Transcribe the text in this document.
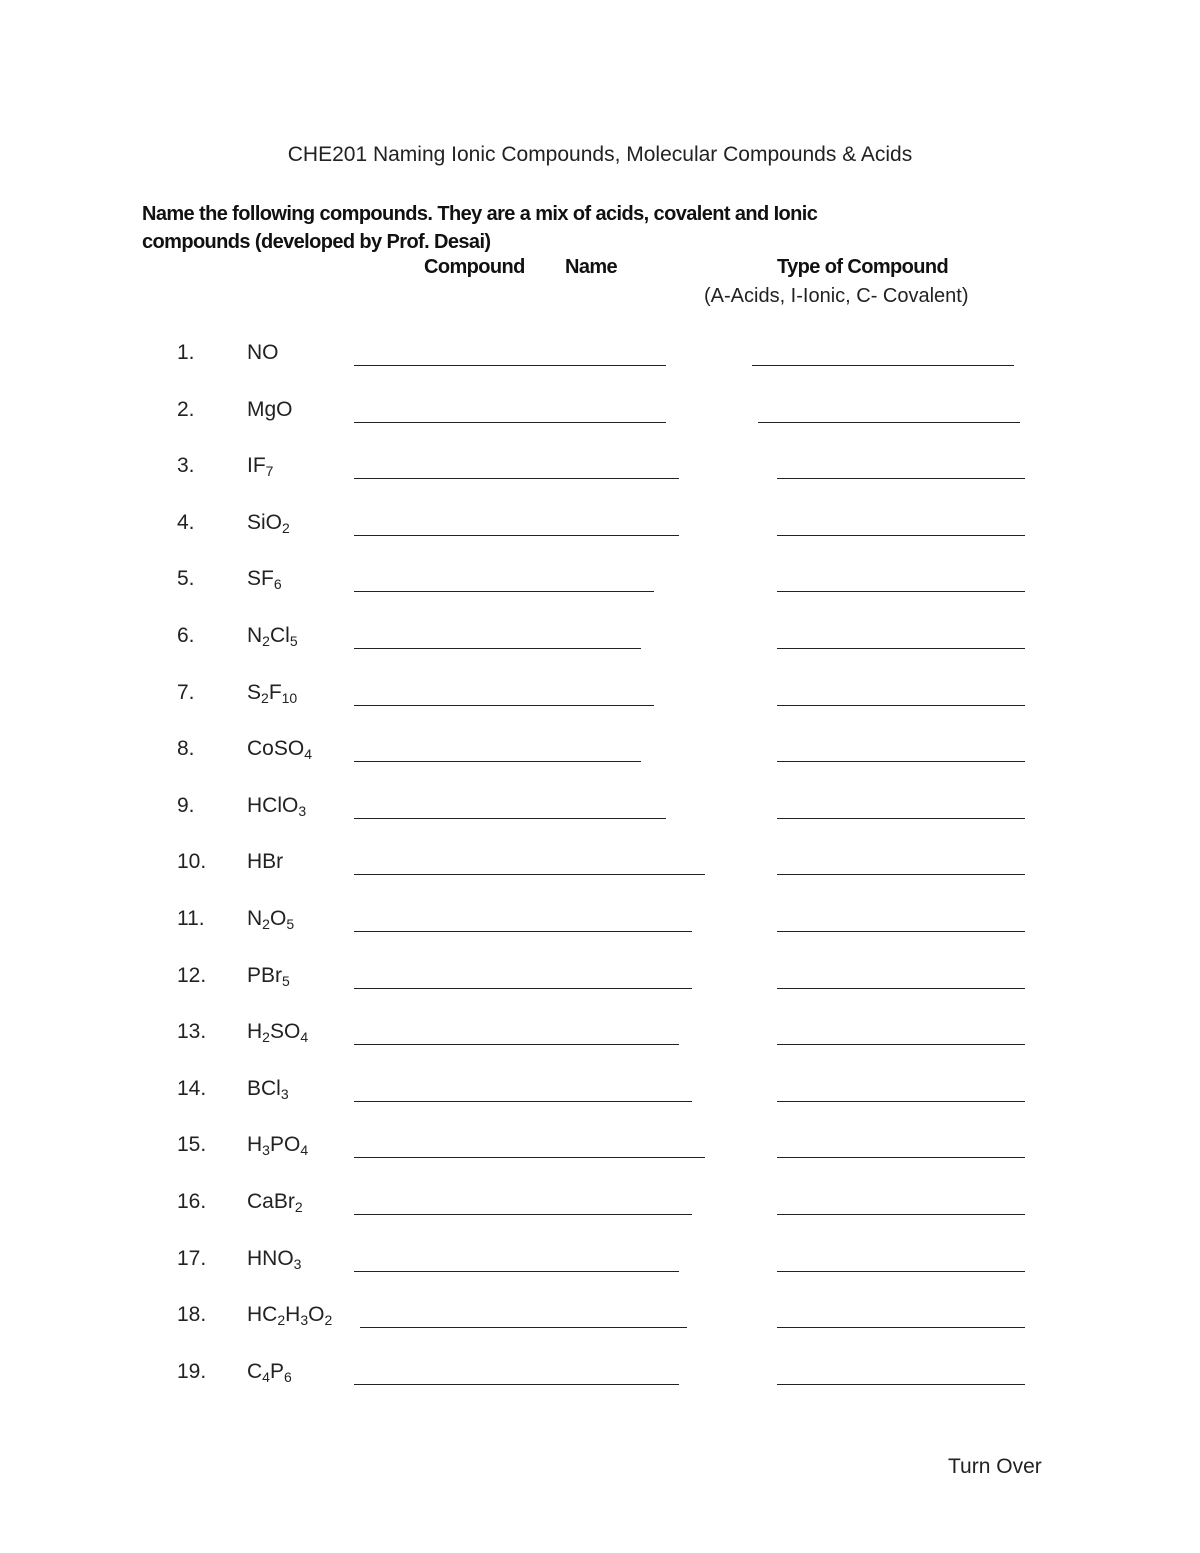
CHE201 Naming Ionic Compounds, Molecular Compounds & Acids
Name the following compounds. They are a mix of acids, covalent and Ionic
compounds (developed by Prof. Desai)
Compound Name	Type of Compound
(A-Acids, I-Ionic, C- Covalent)
1. NO
2. MgO
3. $IF_7$
4. SiO$_2$
5. $SF_6$
6. $N_2Cl_5$
7. $S_2F_{10}$
8. CoSO$_4$
9. HClO$_3$
10. HBr
11. $N_2O_5$
12. PBr$_5$
13. $H_2SO_4$
14. BCl$_3$
15. $H_3PO_4$
16. CaBr$_2$
17. $HNO_3$
18. $HC_2H_3O_2$
19. $C_4P_6$
Turn Over
